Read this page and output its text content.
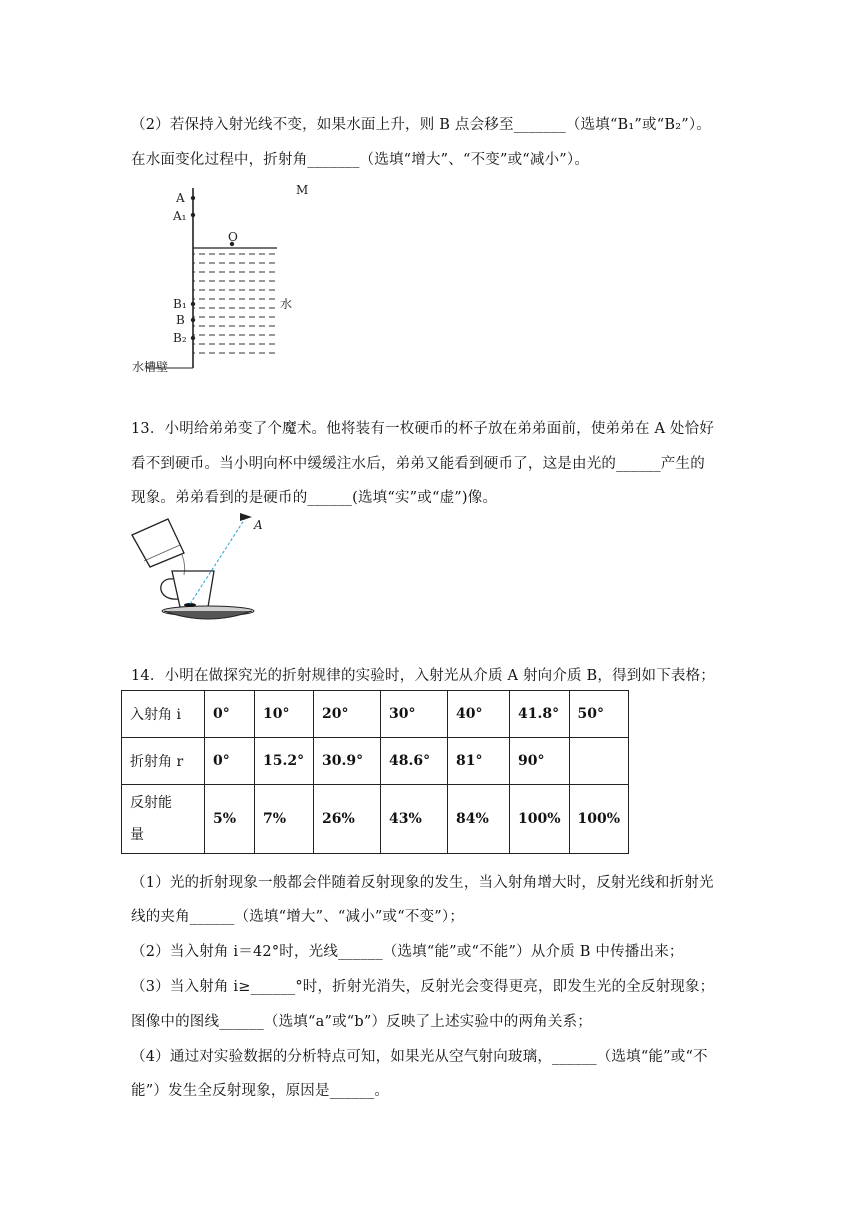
（2）若保持入射光线不变，如果水面上升，则 B 点会移至_______（选填“B₁”或“B₂”）。
在水面变化过程中，折射角_______（选填“增大”、“不变”或“减小”）。
A
A₁
M
O
B₁
B
B₂
水
水槽壁
13．小明给弟弟变了个魔术。他将装有一枚硬币的杯子放在弟弟面前，使弟弟在 A 处恰好
看不到硬币。当小明向杯中缓缓注水后，弟弟又能看到硬币了，这是由光的______产生的
现象。弟弟看到的是硬币的______(选填“实”或“虚”)像。
A
14．小明在做探究光的折射规律的实验时，入射光从介质 A 射向介质 B，得到如下表格；
入射角 i	0°	10°	20°	30°	40°	41.8°	50°
折射角 r	0°	15.2°	30.9°	48.6°	81°	90°	

反射能
量	5%	7%	26%	43%	84%	100%	100%
（1）光的折射现象一般都会伴随着反射现象的发生，当入射角增大时，反射光线和折射光
线的夹角______（选填“增大”、“减小”或“不变”）；
（2）当入射角 i＝42°时，光线______（选填“能”或“不能”）从介质 B 中传播出来；
（3）当入射角 i≥______°时，折射光消失，反射光会变得更亮，即发生光的全反射现象；
图像中的图线______（选填“a”或“b”）反映了上述实验中的两角关系；
（4）通过对实验数据的分析特点可知，如果光从空气射向玻璃，______（选填“能”或“不
能”）发生全反射现象，原因是______。
